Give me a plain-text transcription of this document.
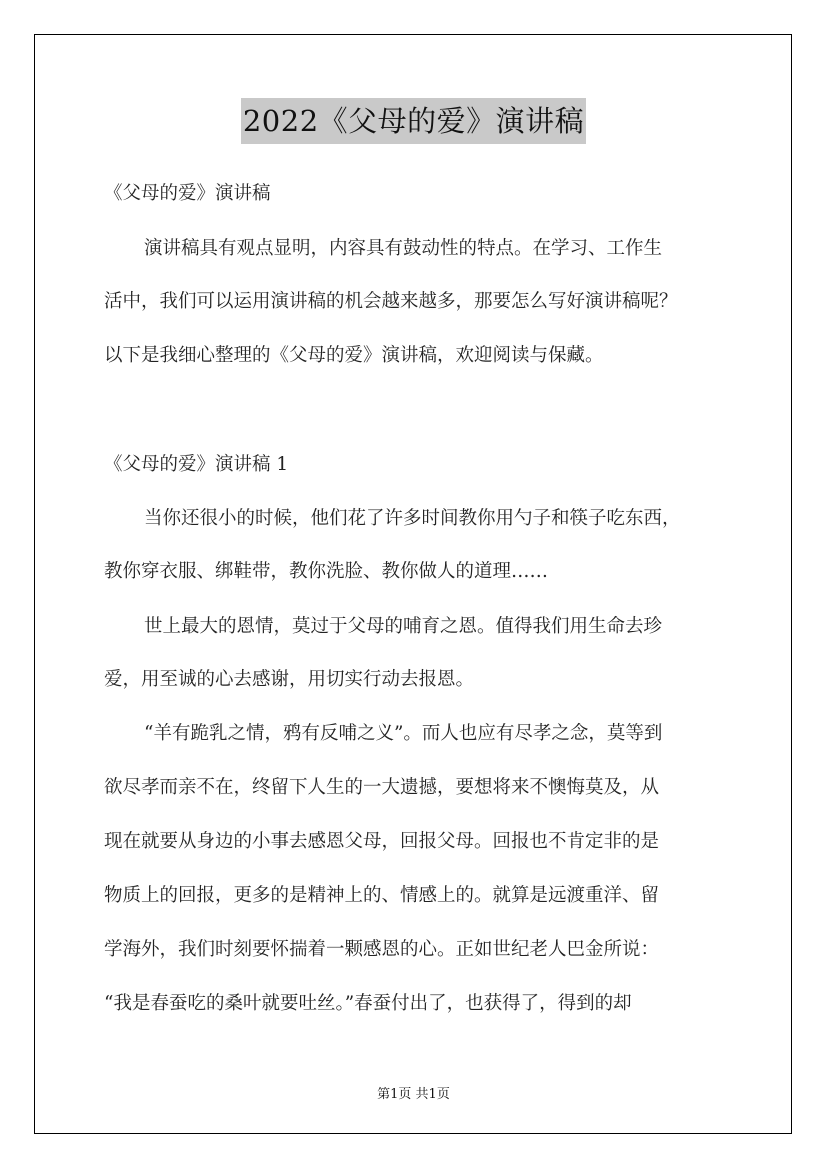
2022《父母的爱》演讲稿
《父母的爱》演讲稿
演讲稿具有观点显明，内容具有鼓动性的特点。在学习、工作生
活中，我们可以运用演讲稿的机会越来越多，那要怎么写好演讲稿呢？
以下是我细心整理的《父母的爱》演讲稿，欢迎阅读与保藏。
《父母的爱》演讲稿 1
当你还很小的时候，他们花了许多时间教你用勺子和筷子吃东西，
教你穿衣服、绑鞋带，教你洗脸、教你做人的道理……
世上最大的恩情，莫过于父母的哺育之恩。值得我们用生命去珍
爱，用至诚的心去感谢，用切实行动去报恩。
“羊有跪乳之情，鸦有反哺之义”。而人也应有尽孝之念，莫等到
欲尽孝而亲不在，终留下人生的一大遗撼，要想将来不懊悔莫及，从
现在就要从身边的小事去感恩父母，回报父母。回报也不肯定非的是
物质上的回报，更多的是精神上的、情感上的。就算是远渡重洋、留
学海外，我们时刻要怀揣着一颗感恩的心。正如世纪老人巴金所说：
“我是春蚕吃的桑叶就要吐丝。”春蚕付出了，也获得了，得到的却
第1页 共1页
